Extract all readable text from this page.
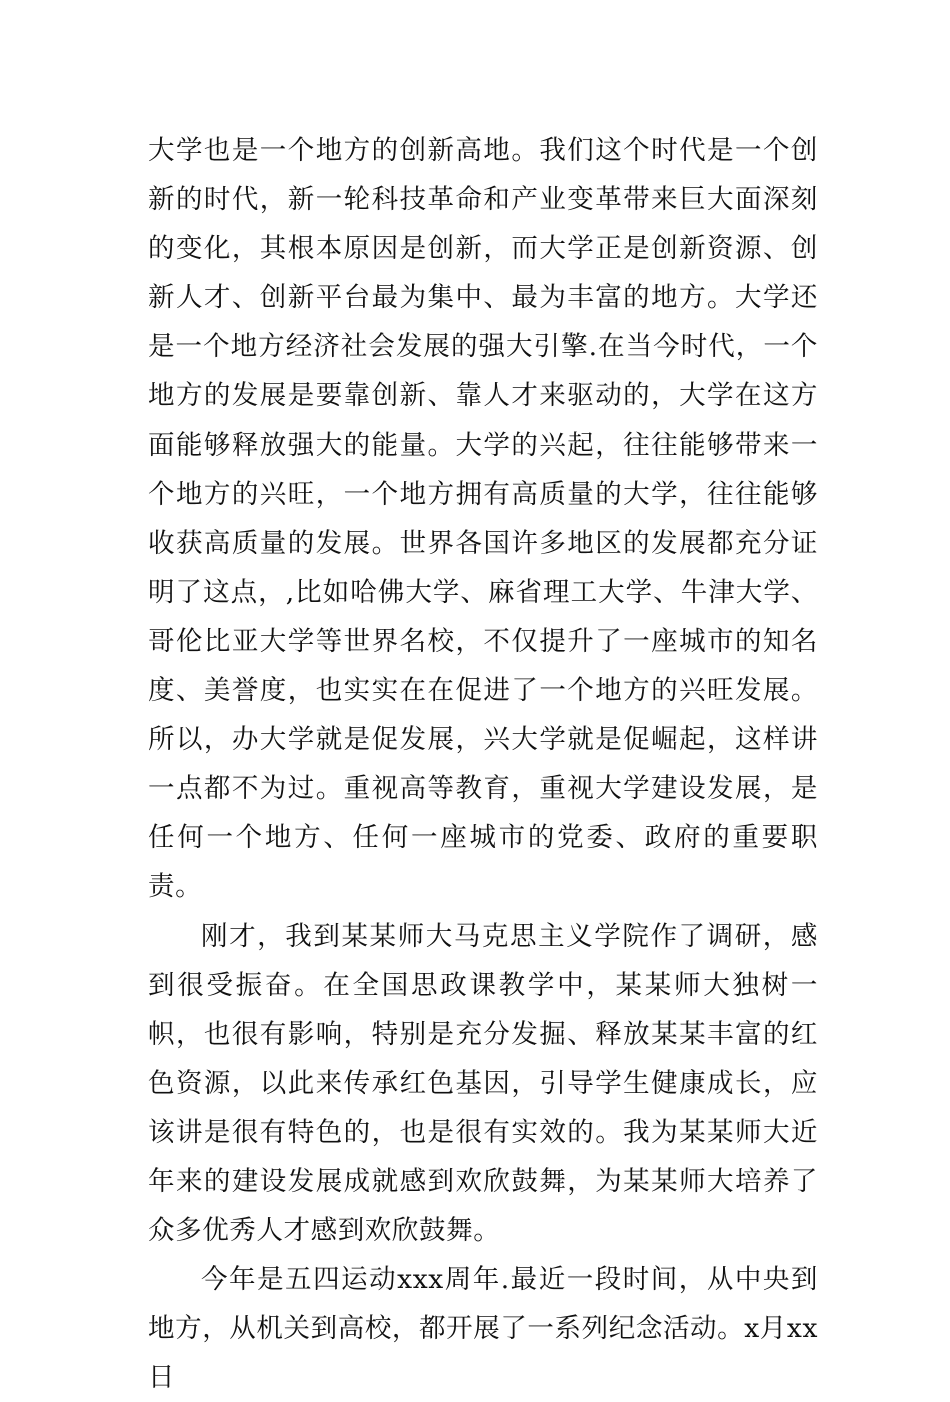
大学也是一个地方的创新高地。我们这个时代是一个创新的时代，新一轮科技革命和产业变革带来巨大面深刻的变化，其根本原因是创新，而大学正是创新资源、创新人才、创新平台最为集中、最为丰富的地方。大学还是一个地方经济社会发展的强大引擎.在当今时代，一个地方的发展是要靠创新、靠人才来驱动的，大学在这方面能够释放强大的能量。大学的兴起，往往能够带来一个地方的兴旺，一个地方拥有高质量的大学，往往能够收获高质量的发展。世界各国许多地区的发展都充分证明了这点，,比如哈佛大学、麻省理工大学、牛津大学、哥伦比亚大学等世界名校，不仅提升了一座城市的知名度、美誉度，也实实在在促进了一个地方的兴旺发展。所以，办大学就是促发展，兴大学就是促崛起，这样讲一点都不为过。重视高等教育，重视大学建设发展，是任何一个地方、任何一座城市的党委、政府的重要职责。

刚才，我到某某师大马克思主义学院作了调研，感到很受振奋。在全国思政课教学中，某某师大独树一帜，也很有影响，特别是充分发掘、释放某某丰富的红色资源，以此来传承红色基因，引导学生健康成长，应该讲是很有特色的，也是很有实效的。我为某某师大近年来的建设发展成就感到欢欣鼓舞，为某某师大培养了众多优秀人才感到欢欣鼓舞。

今年是五四运动xxx周年.最近一段时间，从中央到地方，从机关到高校，都开展了一系列纪念活动。x月xx日
